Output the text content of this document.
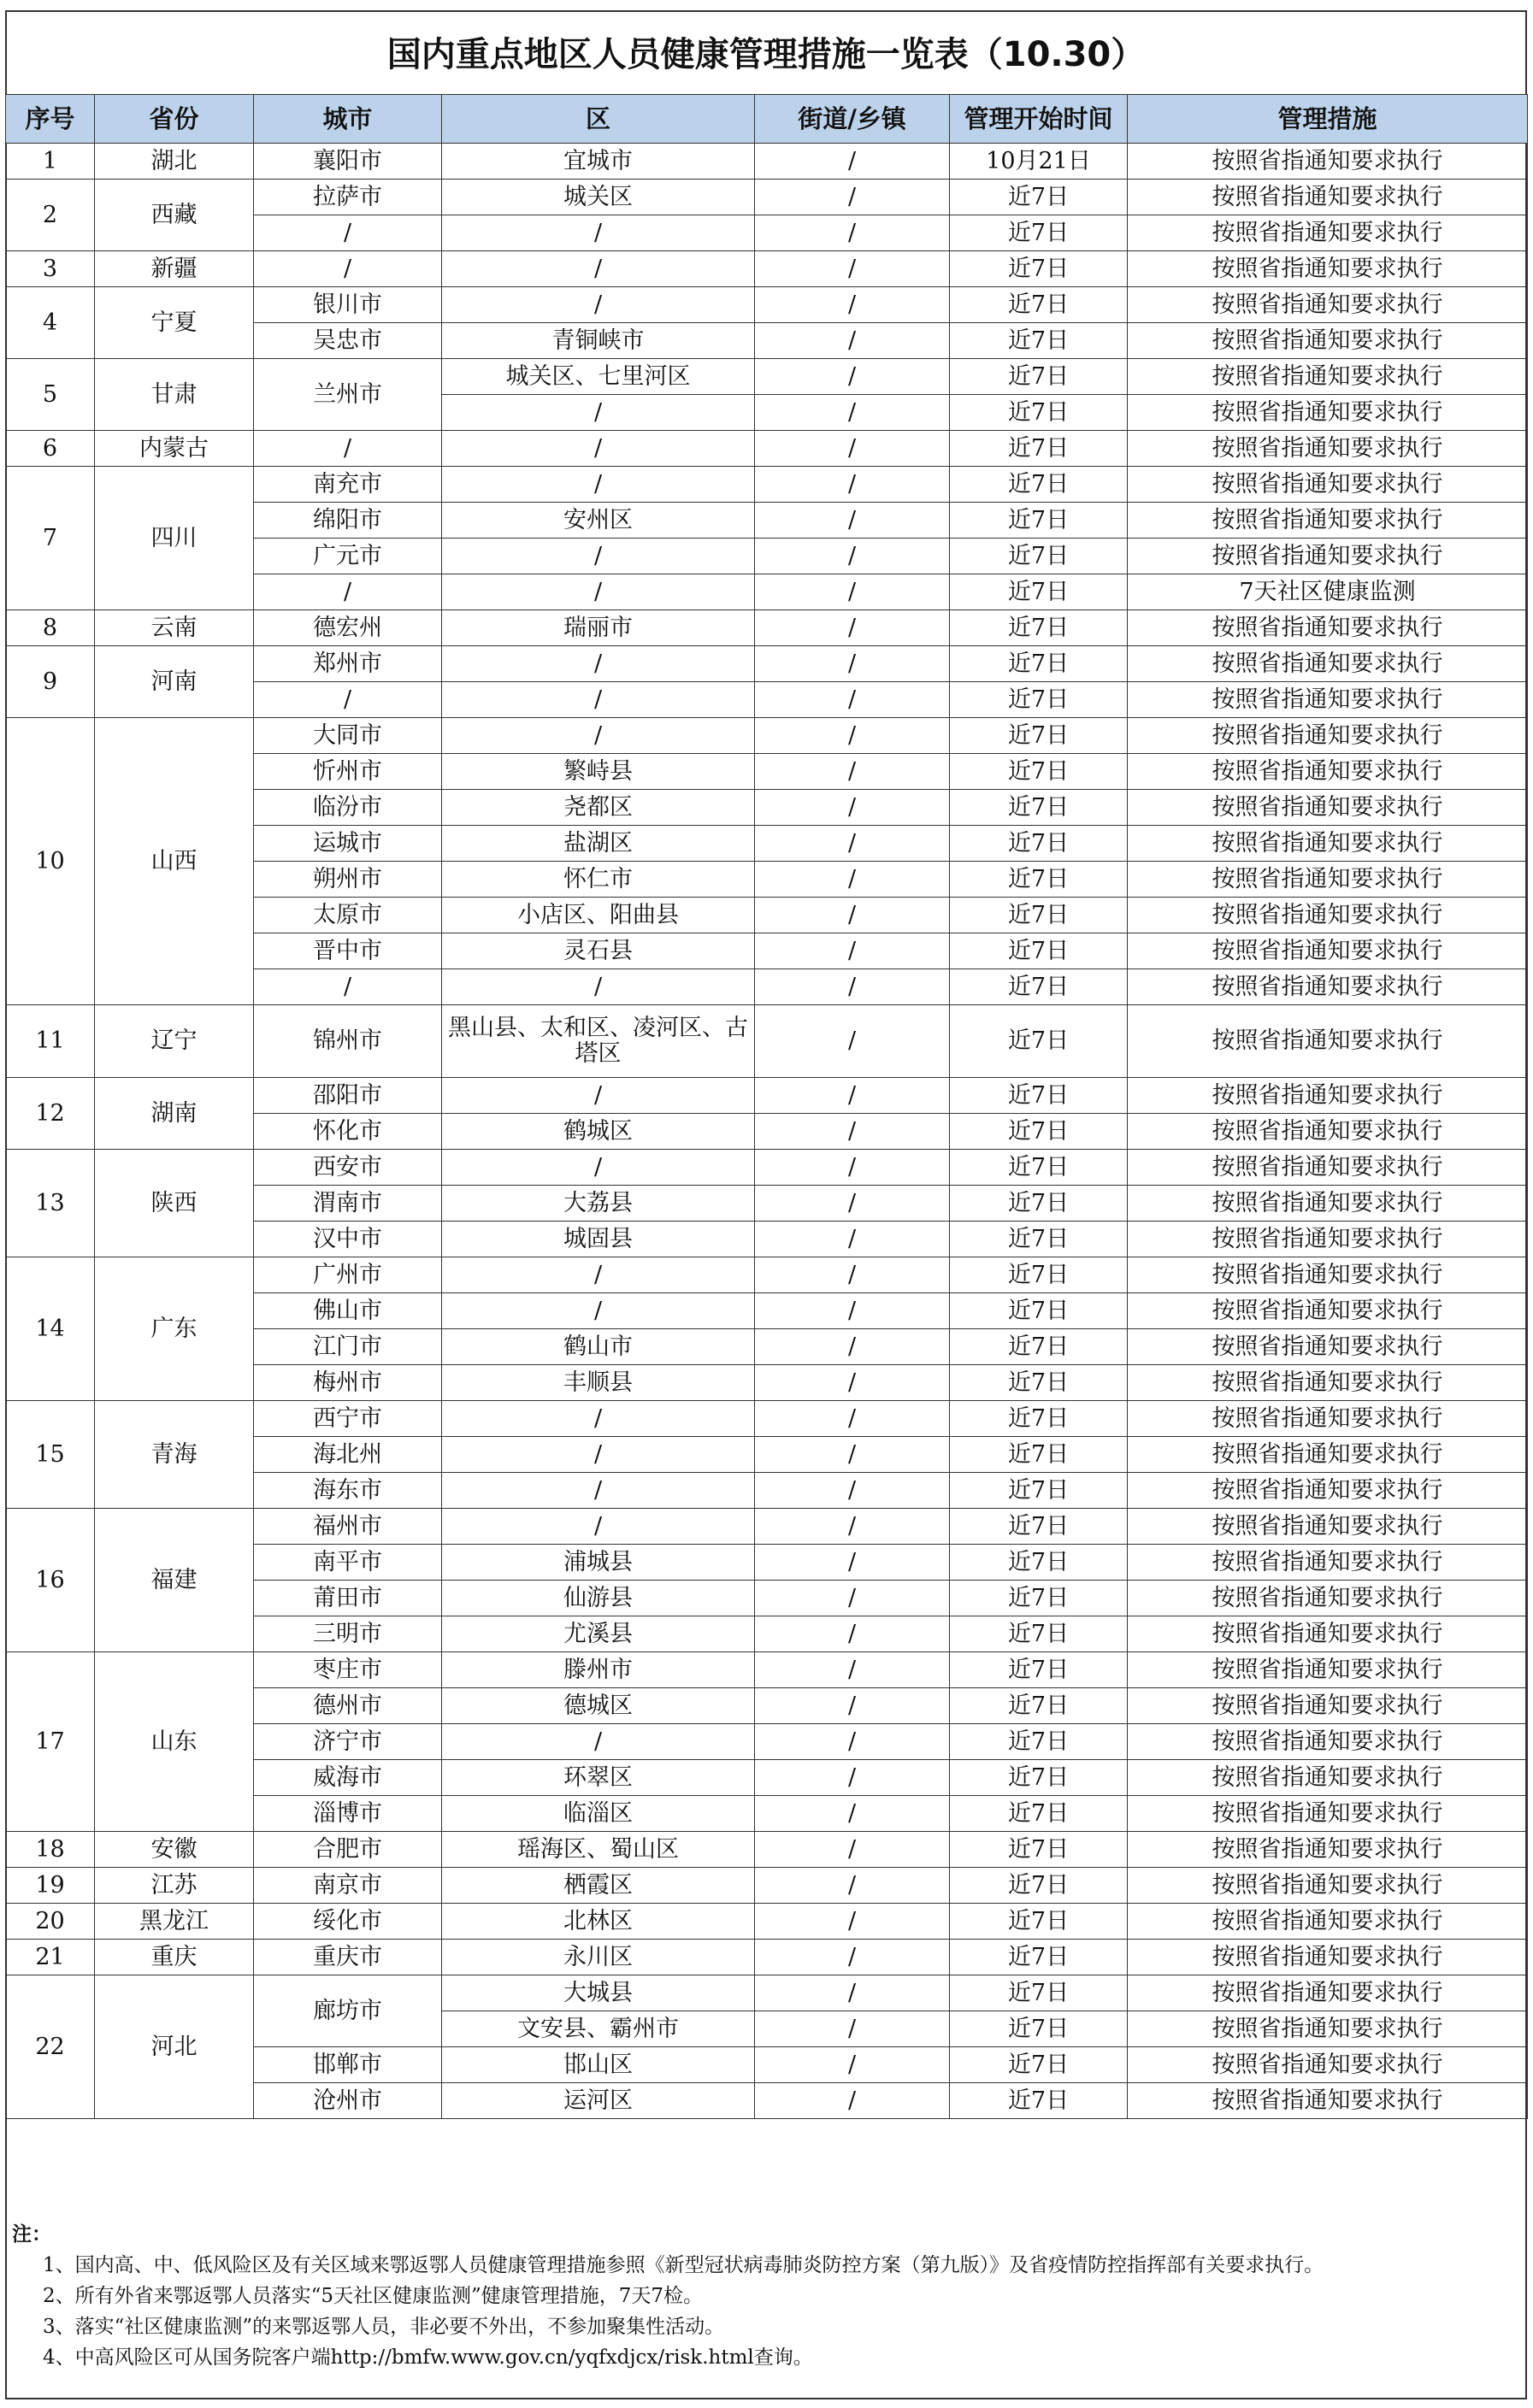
国内重点地区人员健康管理措施一览表（10.30）
序号	省份	城市	区	街道/乡镇	管理开始时间	管理措施
1	湖北	襄阳市	宜城市	/	10月21日	按照省指通知要求执行
2	西藏	拉萨市	城关区	/	近7日	按照省指通知要求执行
		/	/	/	近7日	按照省指通知要求执行
3	新疆	/	/	/	近7日	按照省指通知要求执行
4	宁夏	银川市	/	/	近7日	按照省指通知要求执行
		吴忠市	青铜峡市	/	近7日	按照省指通知要求执行
5	甘肃	兰州市	城关区、七里河区	/	近7日	按照省指通知要求执行
			/	/	近7日	按照省指通知要求执行
6	内蒙古	/	/	/	近7日	按照省指通知要求执行
7	四川	南充市	/	/	近7日	按照省指通知要求执行
		绵阳市	安州区	/	近7日	按照省指通知要求执行
		广元市	/	/	近7日	按照省指通知要求执行
		/	/	/	近7日	7天社区健康监测
8	云南	德宏州	瑞丽市	/	近7日	按照省指通知要求执行
9	河南	郑州市	/	/	近7日	按照省指通知要求执行
		/	/	/	近7日	按照省指通知要求执行
10	山西	大同市	/	/	近7日	按照省指通知要求执行
		忻州市	繁峙县	/	近7日	按照省指通知要求执行
		临汾市	尧都区	/	近7日	按照省指通知要求执行
		运城市	盐湖区	/	近7日	按照省指通知要求执行
		朔州市	怀仁市	/	近7日	按照省指通知要求执行
		太原市	小店区、阳曲县	/	近7日	按照省指通知要求执行
		晋中市	灵石县	/	近7日	按照省指通知要求执行
		/	/	/	近7日	按照省指通知要求执行
11	辽宁	锦州市	黑山县、太和区、凌河区、古塔区	/	近7日	按照省指通知要求执行
12	湖南	邵阳市	/	/	近7日	按照省指通知要求执行
		怀化市	鹤城区	/	近7日	按照省指通知要求执行
13	陕西	西安市	/	/	近7日	按照省指通知要求执行
		渭南市	大荔县	/	近7日	按照省指通知要求执行
		汉中市	城固县	/	近7日	按照省指通知要求执行
14	广东	广州市	/	/	近7日	按照省指通知要求执行
		佛山市	/	/	近7日	按照省指通知要求执行
		江门市	鹤山市	/	近7日	按照省指通知要求执行
		梅州市	丰顺县	/	近7日	按照省指通知要求执行
15	青海	西宁市	/	/	近7日	按照省指通知要求执行
		海北州	/	/	近7日	按照省指通知要求执行
		海东市	/	/	近7日	按照省指通知要求执行
16	福建	福州市	/	/	近7日	按照省指通知要求执行
		南平市	浦城县	/	近7日	按照省指通知要求执行
		莆田市	仙游县	/	近7日	按照省指通知要求执行
		三明市	尤溪县	/	近7日	按照省指通知要求执行
17	山东	枣庄市	滕州市	/	近7日	按照省指通知要求执行
		德州市	德城区	/	近7日	按照省指通知要求执行
		济宁市	/	/	近7日	按照省指通知要求执行
		威海市	环翠区	/	近7日	按照省指通知要求执行
		淄博市	临淄区	/	近7日	按照省指通知要求执行
18	安徽	合肥市	瑶海区、蜀山区	/	近7日	按照省指通知要求执行
19	江苏	南京市	栖霞区	/	近7日	按照省指通知要求执行
20	黑龙江	绥化市	北林区	/	近7日	按照省指通知要求执行
21	重庆	重庆市	永川区	/	近7日	按照省指通知要求执行
22	河北	廊坊市	大城县	/	近7日	按照省指通知要求执行
			文安县、霸州市	/	近7日	按照省指通知要求执行
		邯郸市	邯山区	/	近7日	按照省指通知要求执行
		沧州市	运河区	/	近7日	按照省指通知要求执行
注：
1、国内高、中、低风险区及有关区域来鄂返鄂人员健康管理措施参照《新型冠状病毒肺炎防控方案（第九版）》及省疫情防控指挥部有关要求执行。
2、所有外省来鄂返鄂人员落实“5天社区健康监测”健康管理措施，7天7检。
3、落实“社区健康监测”的来鄂返鄂人员，非必要不外出，不参加聚集性活动。
4、中高风险区可从国务院客户端http://bmfw.www.gov.cn/yqfxdjcx/risk.html查询。
